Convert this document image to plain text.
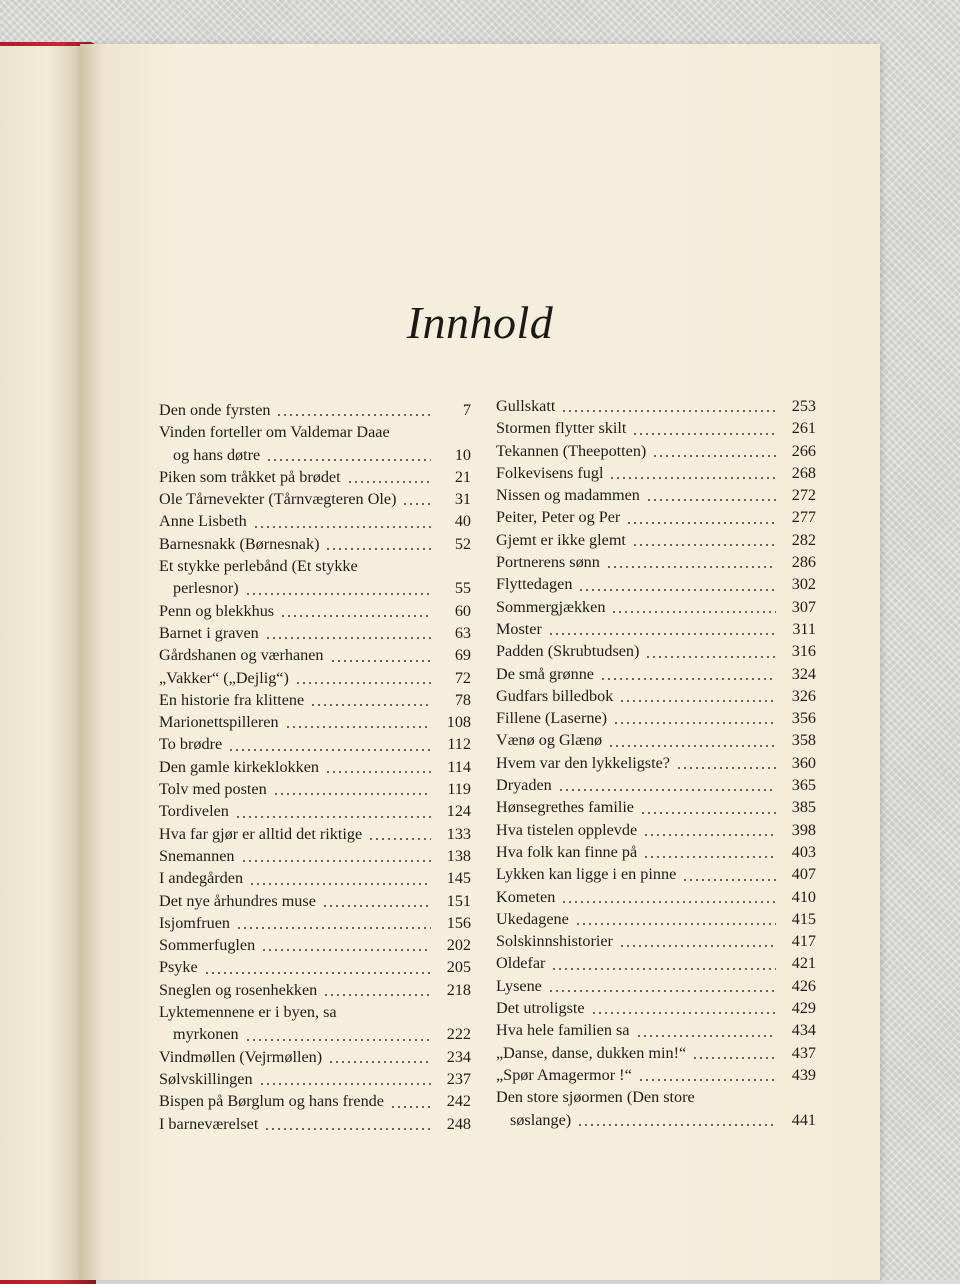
Innhold
Den onde fyrsten	7
Vinden forteller om Valdemar Daae
og hans døtre	10
Piken som tråkket på brødet	21
Ole Tårnevekter (Tårnvægteren Ole)	31
Anne Lisbeth	40
Barnesnakk (Børnesnak)	52
Et stykke perlebånd (Et stykke
perlesnor)	55
Penn og blekkhus	60
Barnet i graven	63
Gårdshanen og værhanen	69
„Vakker“ („Dejlig“)	72
En historie fra klittene	78
Marionettspilleren	108
To brødre	112
Den gamle kirkeklokken	114
Tolv med posten	119
Tordivelen	124
Hva far gjør er alltid det riktige	133
Snemannen	138
I andegården	145
Det nye århundres muse	151
Isjomfruen	156
Sommerfuglen	202
Psyke	205
Sneglen og rosenhekken	218
Lyktemennene er i byen, sa
myrkonen	222
Vindmøllen (Vejrmøllen)	234
Sølvskillingen	237
Bispen på Børglum og hans frende	242
I barneværelset	248
Gullskatt	253
Stormen flytter skilt	261
Tekannen (Theepotten)	266
Folkevisens fugl	268
Nissen og madammen	272
Peiter, Peter og Per	277
Gjemt er ikke glemt	282
Portnerens sønn	286
Flyttedagen	302
Sommergjækken	307
Moster	311
Padden (Skrubtudsen)	316
De små grønne	324
Gudfars billedbok	326
Fillene (Laserne)	356
Vænø og Glænø	358
Hvem var den lykkeligste?	360
Dryaden	365
Hønsegrethes familie	385
Hva tistelen opplevde	398
Hva folk kan finne på	403
Lykken kan ligge i en pinne	407
Kometen	410
Ukedagene	415
Solskinnshistorier	417
Oldefar	421
Lysene	426
Det utroligste	429
Hva hele familien sa	434
„Danse, danse, dukken min!“	437
„Spør Amagermor !“	439
Den store sjøormen (Den store
søslange)	441
